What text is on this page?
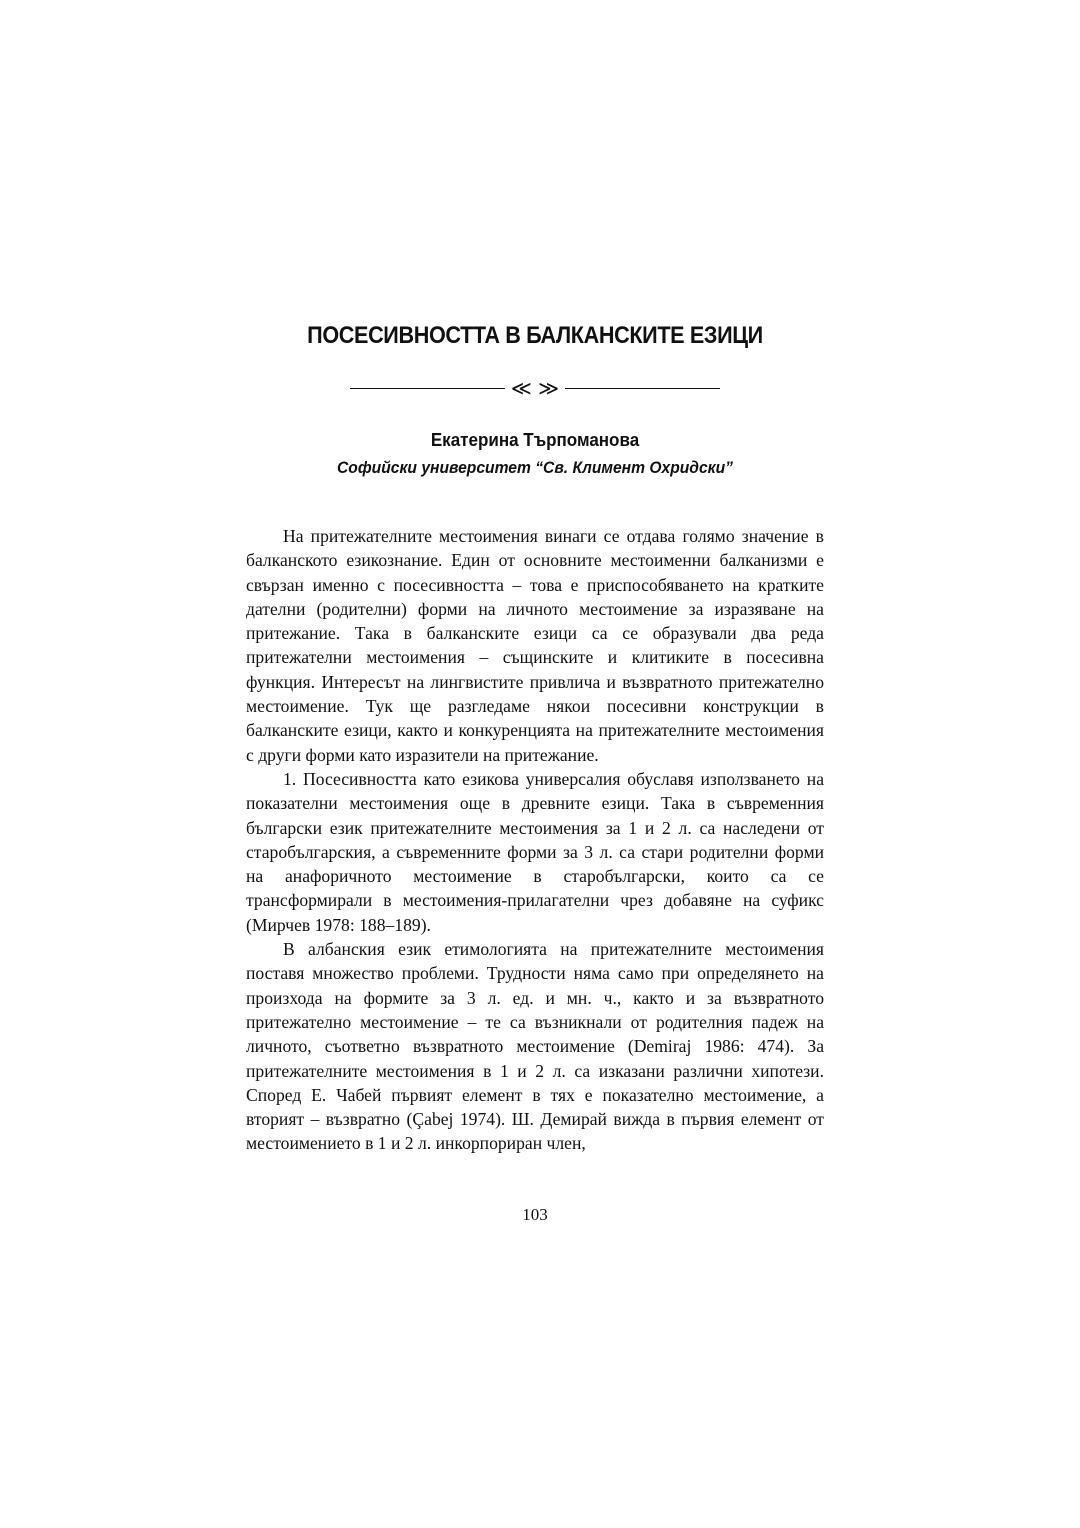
ПОСЕСИВНОСТТА В БАЛКАНСКИТЕ ЕЗИЦИ
≪ ≫
Екатерина Търпоманова
Софийски университет “Св. Климент Охридски”

На притежателните местоимения винаги се отдава голямо значение в балканското езикознание. Един от основните местоименни балканизми е свързан именно с посесивността – това е приспособяването на кратките дателни (родителни) форми на личното местоимение за изразяване на притежание. Така в балканските езици са се образували два реда притежателни местоимения – същинските и клитиките в посесивна функция. Интересът на лингвистите привлича и възвратното притежателно местоимение. Тук ще разгледаме някои посесивни конструкции в балканските езици, както и конкуренцията на притежателните местоимения с други форми като изразители на притежание.

1. Посесивността като езикова универсалия обуславя използването на показателни местоимения още в древните езици. Така в съвременния български език притежателните местоимения за 1 и 2 л. са наследени от старобългарския, а съвременните форми за 3 л. са стари родителни форми на анафоричното местоимение в старобългарски, които са се трансформирали в местоимения-прилагателни чрез добавяне на суфикс (Мирчев 1978: 188–189).

В албанския език етимологията на притежателните местоимения поставя множество проблеми. Трудности няма само при определянето на произхода на формите за 3 л. ед. и мн. ч., както и за възвратното притежателно местоимение – те са възникнали от родителния падеж на личното, съответно възвратното местоимение (Demiraj 1986: 474). За притежателните местоимения в 1 и 2 л. са изказани различни хипотези. Според Е. Чабей първият елемент в тях е показателно местоимение, а вторият – възвратно (Çabej 1974). Ш. Демирай вижда в първия елемент от местоимението в 1 и 2 л. инкорпориран член,

103
